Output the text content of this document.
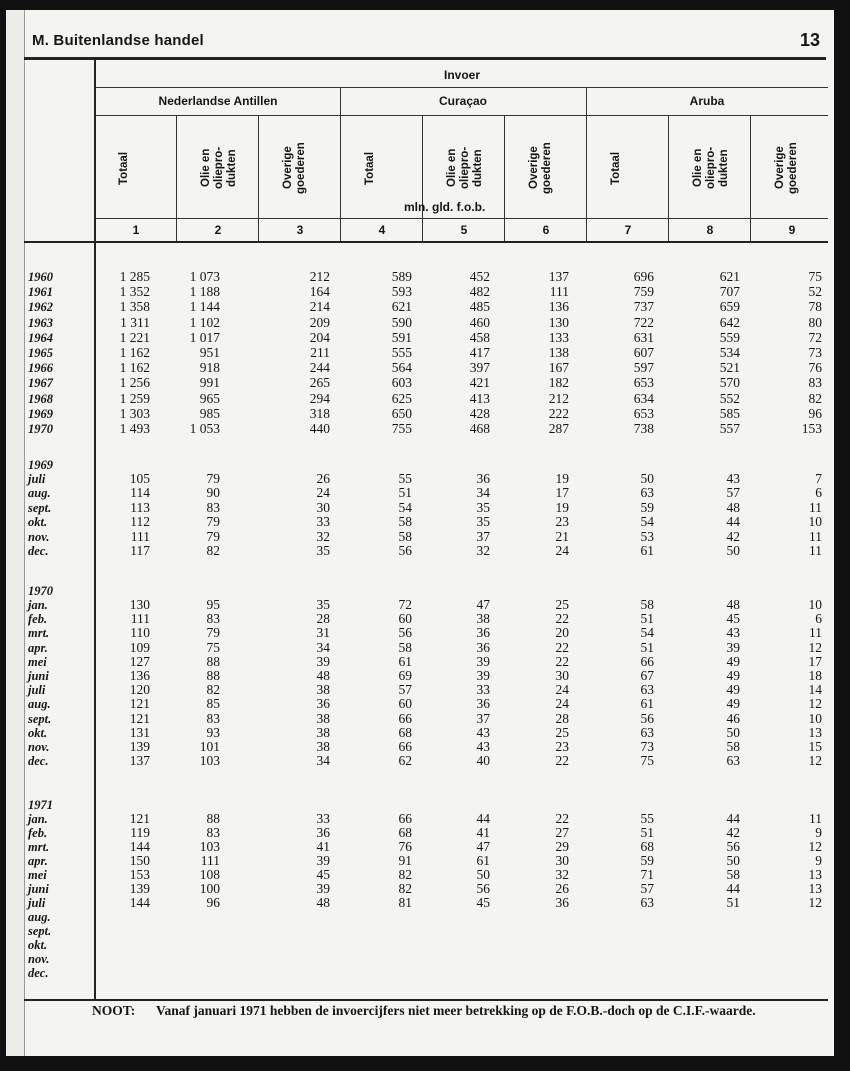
M. Buitenlandse handel	13
Invoer
Nederlandse Antillen	Curaçao	Aruba
Totaal	Olie en
oliepro-
dukten	Overige
goederen	Totaal	Olie en
oliepro-
dukten	Overige
goederen	Totaal	Olie en
oliepro-
dukten	Overige
goederen
mln. gld. f.o.b.
1	2	3	4	5	6	7	8	9
1960	1 285	1 073	212	589	452	137	696	621	75
1961	1 352	1 188	164	593	482	111	759	707	52
1962	1 358	1 144	214	621	485	136	737	659	78
1963	1 311	1 102	209	590	460	130	722	642	80
1964	1 221	1 017	204	591	458	133	631	559	72
1965	1 162	951	211	555	417	138	607	534	73
1966	1 162	918	244	564	397	167	597	521	76
1967	1 256	991	265	603	421	182	653	570	83
1968	1 259	965	294	625	413	212	634	552	82
1969	1 303	985	318	650	428	222	653	585	96
1970	1 493	1 053	440	755	468	287	738	557	153
1969
juli	105	79	26	55	36	19	50	43	7
aug.	114	90	24	51	34	17	63	57	6
sept.	113	83	30	54	35	19	59	48	11
okt.	112	79	33	58	35	23	54	44	10
nov.	111	79	32	58	37	21	53	42	11
dec.	117	82	35	56	32	24	61	50	11
1970
jan.	130	95	35	72	47	25	58	48	10
feb.	111	83	28	60	38	22	51	45	6
mrt.	110	79	31	56	36	20	54	43	11
apr.	109	75	34	58	36	22	51	39	12
mei	127	88	39	61	39	22	66	49	17
juni	136	88	48	69	39	30	67	49	18
juli	120	82	38	57	33	24	63	49	14
aug.	121	85	36	60	36	24	61	49	12
sept.	121	83	38	66	37	28	56	46	10
okt.	131	93	38	68	43	25	63	50	13
nov.	139	101	38	66	43	23	73	58	15
dec.	137	103	34	62	40	22	75	63	12
1971
jan.	121	88	33	66	44	22	55	44	11
feb.	119	83	36	68	41	27	51	42	9
mrt.	144	103	41	76	47	29	68	56	12
apr.	150	111	39	91	61	30	59	50	9
mei	153	108	45	82	50	32	71	58	13
juni	139	100	39	82	56	26	57	44	13
juli	144	96	48	81	45	36	63	51	12
aug.
sept.
okt.
nov.
dec.
NOOT: Vanaf januari 1971 hebben de invoercijfers niet meer betrekking op de F.O.B.-doch op de C.I.F.-waarde.
